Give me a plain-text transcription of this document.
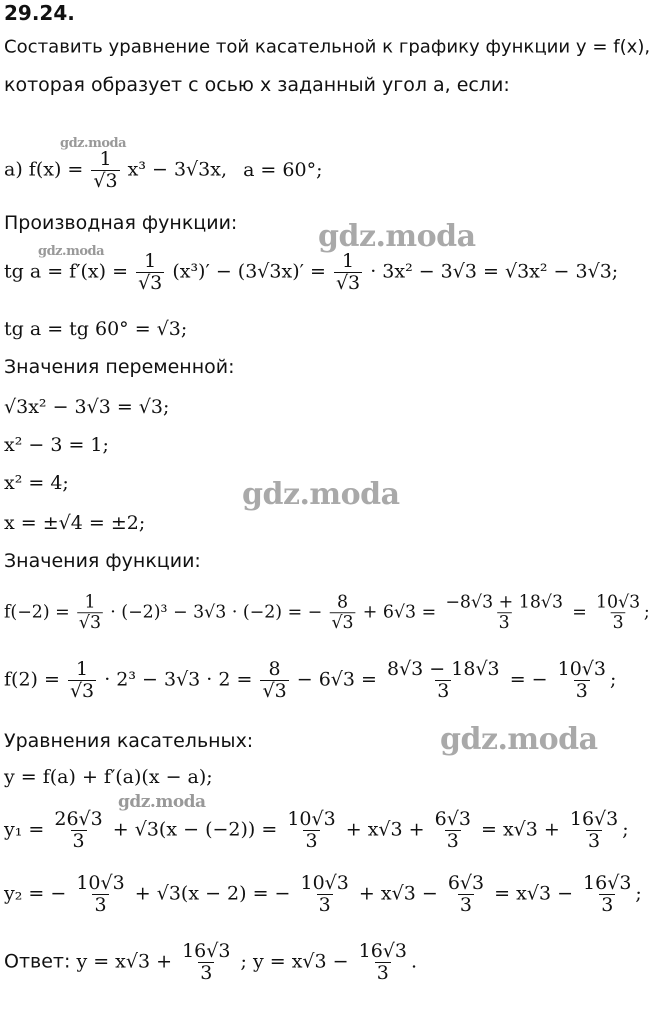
29.24.
Составить уравнение той касательной к графику функции y = f(x),
которая образует с осью x заданный угол a, если:
gdz.moda
gdz.moda
gdz.moda
gdz.moda
gdz.moda
gdz.moda
а) $f(x) = \frac{1}{√3} x^3 - 3√3x$, a = 60°;
Производная функции:
tg $a = f'(x) = \frac{1}{√3} (x^3)' - (3√3x)' = \frac{1}{√3} \cdot 3x^2 - 3√3 = √3x^2 - 3√3$;
tg a = tg 60° = √3;
Значения переменной:
√3x² − 3√3 = √3;
x² − 3 = 1;
x² = 4;
x = ±√4 = ±2;
Значения функции:
$f(-2) = \frac{1}{√3} \cdot (-2)^3 - 3√3 \cdot (-2)$ = − $\frac{8}{√3} + 6√3 = \frac{-8√3 + 18√3}{3} = \frac{10√3}{3}$ ;
$f(2) = \frac{1}{√3} \cdot 2^3 - 3√3 \cdot 2 = \frac{8}{√3} - 6√3 = \frac{8√3 - 18√3}{3}$ = − $\frac{10√3}{3}$ ;
Уравнения касательных:
y = f(a) + f′(a)(x − a);
$y_1 = \frac{26√3}{3} + √3(x - (-2)) = \frac{10√3}{3} + x√3 + \frac{6√3}{3} = x√3 + \frac{16√3}{3}$ ;
y₂ = − $\frac{10√3}{3} + √3(x - 2)$ = − $\frac{10√3}{3} + x√3 - \frac{6√3}{3} = x√3 - \frac{16√3}{3}$ ;
Ответ: $y = x√3 + \frac{16√3}{3}$ ; $y = x√3 - \frac{16√3}{3}$ .
